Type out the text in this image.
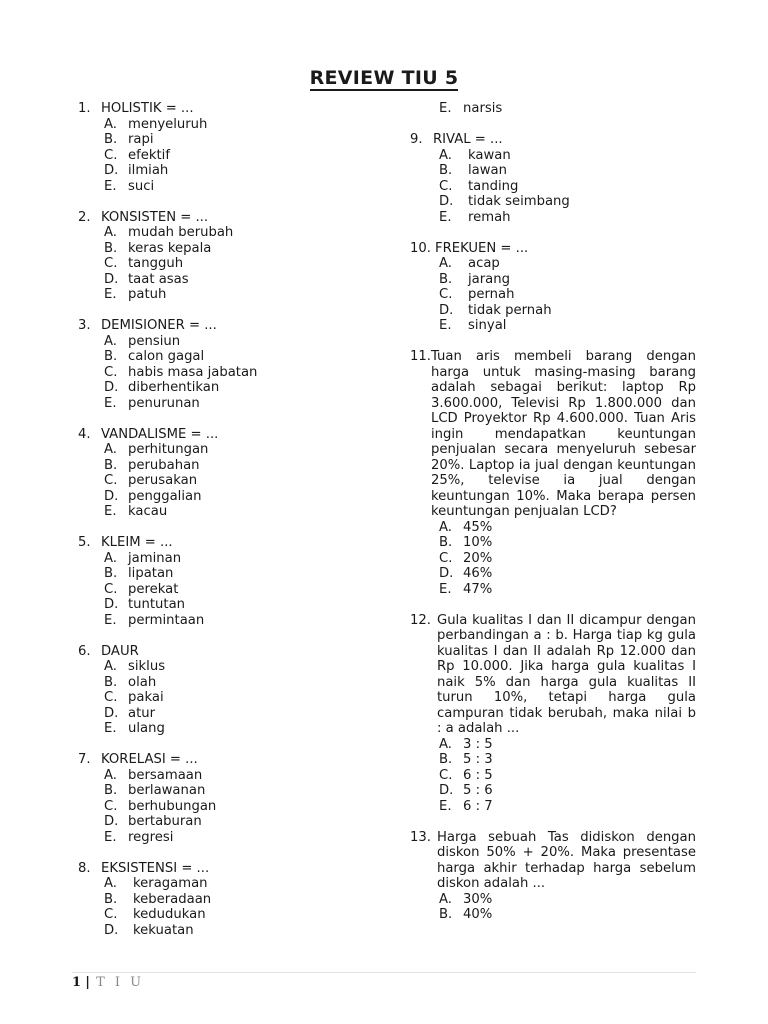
REVIEW TIU 5
1. HOLISTIK = ...
A. menyeluruh
B. rapi
C. efektif
D. ilmiah
E. suci
2. KONSISTEN = ...
A. mudah berubah
B. keras kepala
C. tangguh
D. taat asas
E. patuh
3. DEMISIONER = ...
A. pensiun
B. calon gagal
C. habis masa jabatan
D. diberhentikan
E. penurunan
4. VANDALISME = ...
A. perhitungan
B. perubahan
C. perusakan
D. penggalian
E. kacau
5. KLEIM = ...
A. jaminan
B. lipatan
C. perekat
D. tuntutan
E. permintaan
6. DAUR
A. siklus
B. olah
C. pakai
D. atur
E. ulang
7. KORELASI = ...
A. bersamaan
B. berlawanan
C. berhubungan
D. bertaburan
E. regresi
8. EKSISTENSI = ...
A.	keragaman
B.	keberadaan
C.	kedudukan
D.	kekuatan
E. narsis
9. RIVAL = ...
A.	kawan
B.	lawan
C.	tanding
D.	tidak seimbang
E.	remah
10. FREKUEN = ...
A.	acap
B.	jarang
C.	pernah
D.	tidak pernah
E.	sinyal
11. Tuan aris membeli barang dengan harga untuk masing-masing barang adalah sebagai berikut: laptop Rp 3.600.000, Televisi Rp 1.800.000 dan LCD Proyektor Rp 4.600.000. Tuan Aris ingin mendapatkan keuntungan penjualan secara menyeluruh sebesar 20%. Laptop ia jual dengan keuntungan 25%, televise ia jual dengan keuntungan 10%. Maka berapa persen keuntungan penjualan LCD?
A. 45%
B. 10%
C. 20%
D. 46%
E. 47%
12. Gula kualitas I dan II dicampur dengan perbandingan a : b. Harga tiap kg gula kualitas I dan II adalah Rp 12.000 dan Rp 10.000. Jika harga gula kualitas I naik 5% dan harga gula kualitas II turun 10%, tetapi harga gula campuran tidak berubah, maka nilai b : a adalah ...
A. 3 : 5
B. 5 : 3
C. 6 : 5
D. 5 : 6
E. 6 : 7
13. Harga sebuah Tas didiskon dengan diskon 50% + 20%. Maka presentase harga akhir terhadap harga sebelum diskon adalah ...
A. 30%
B. 40%
1 | T I U
